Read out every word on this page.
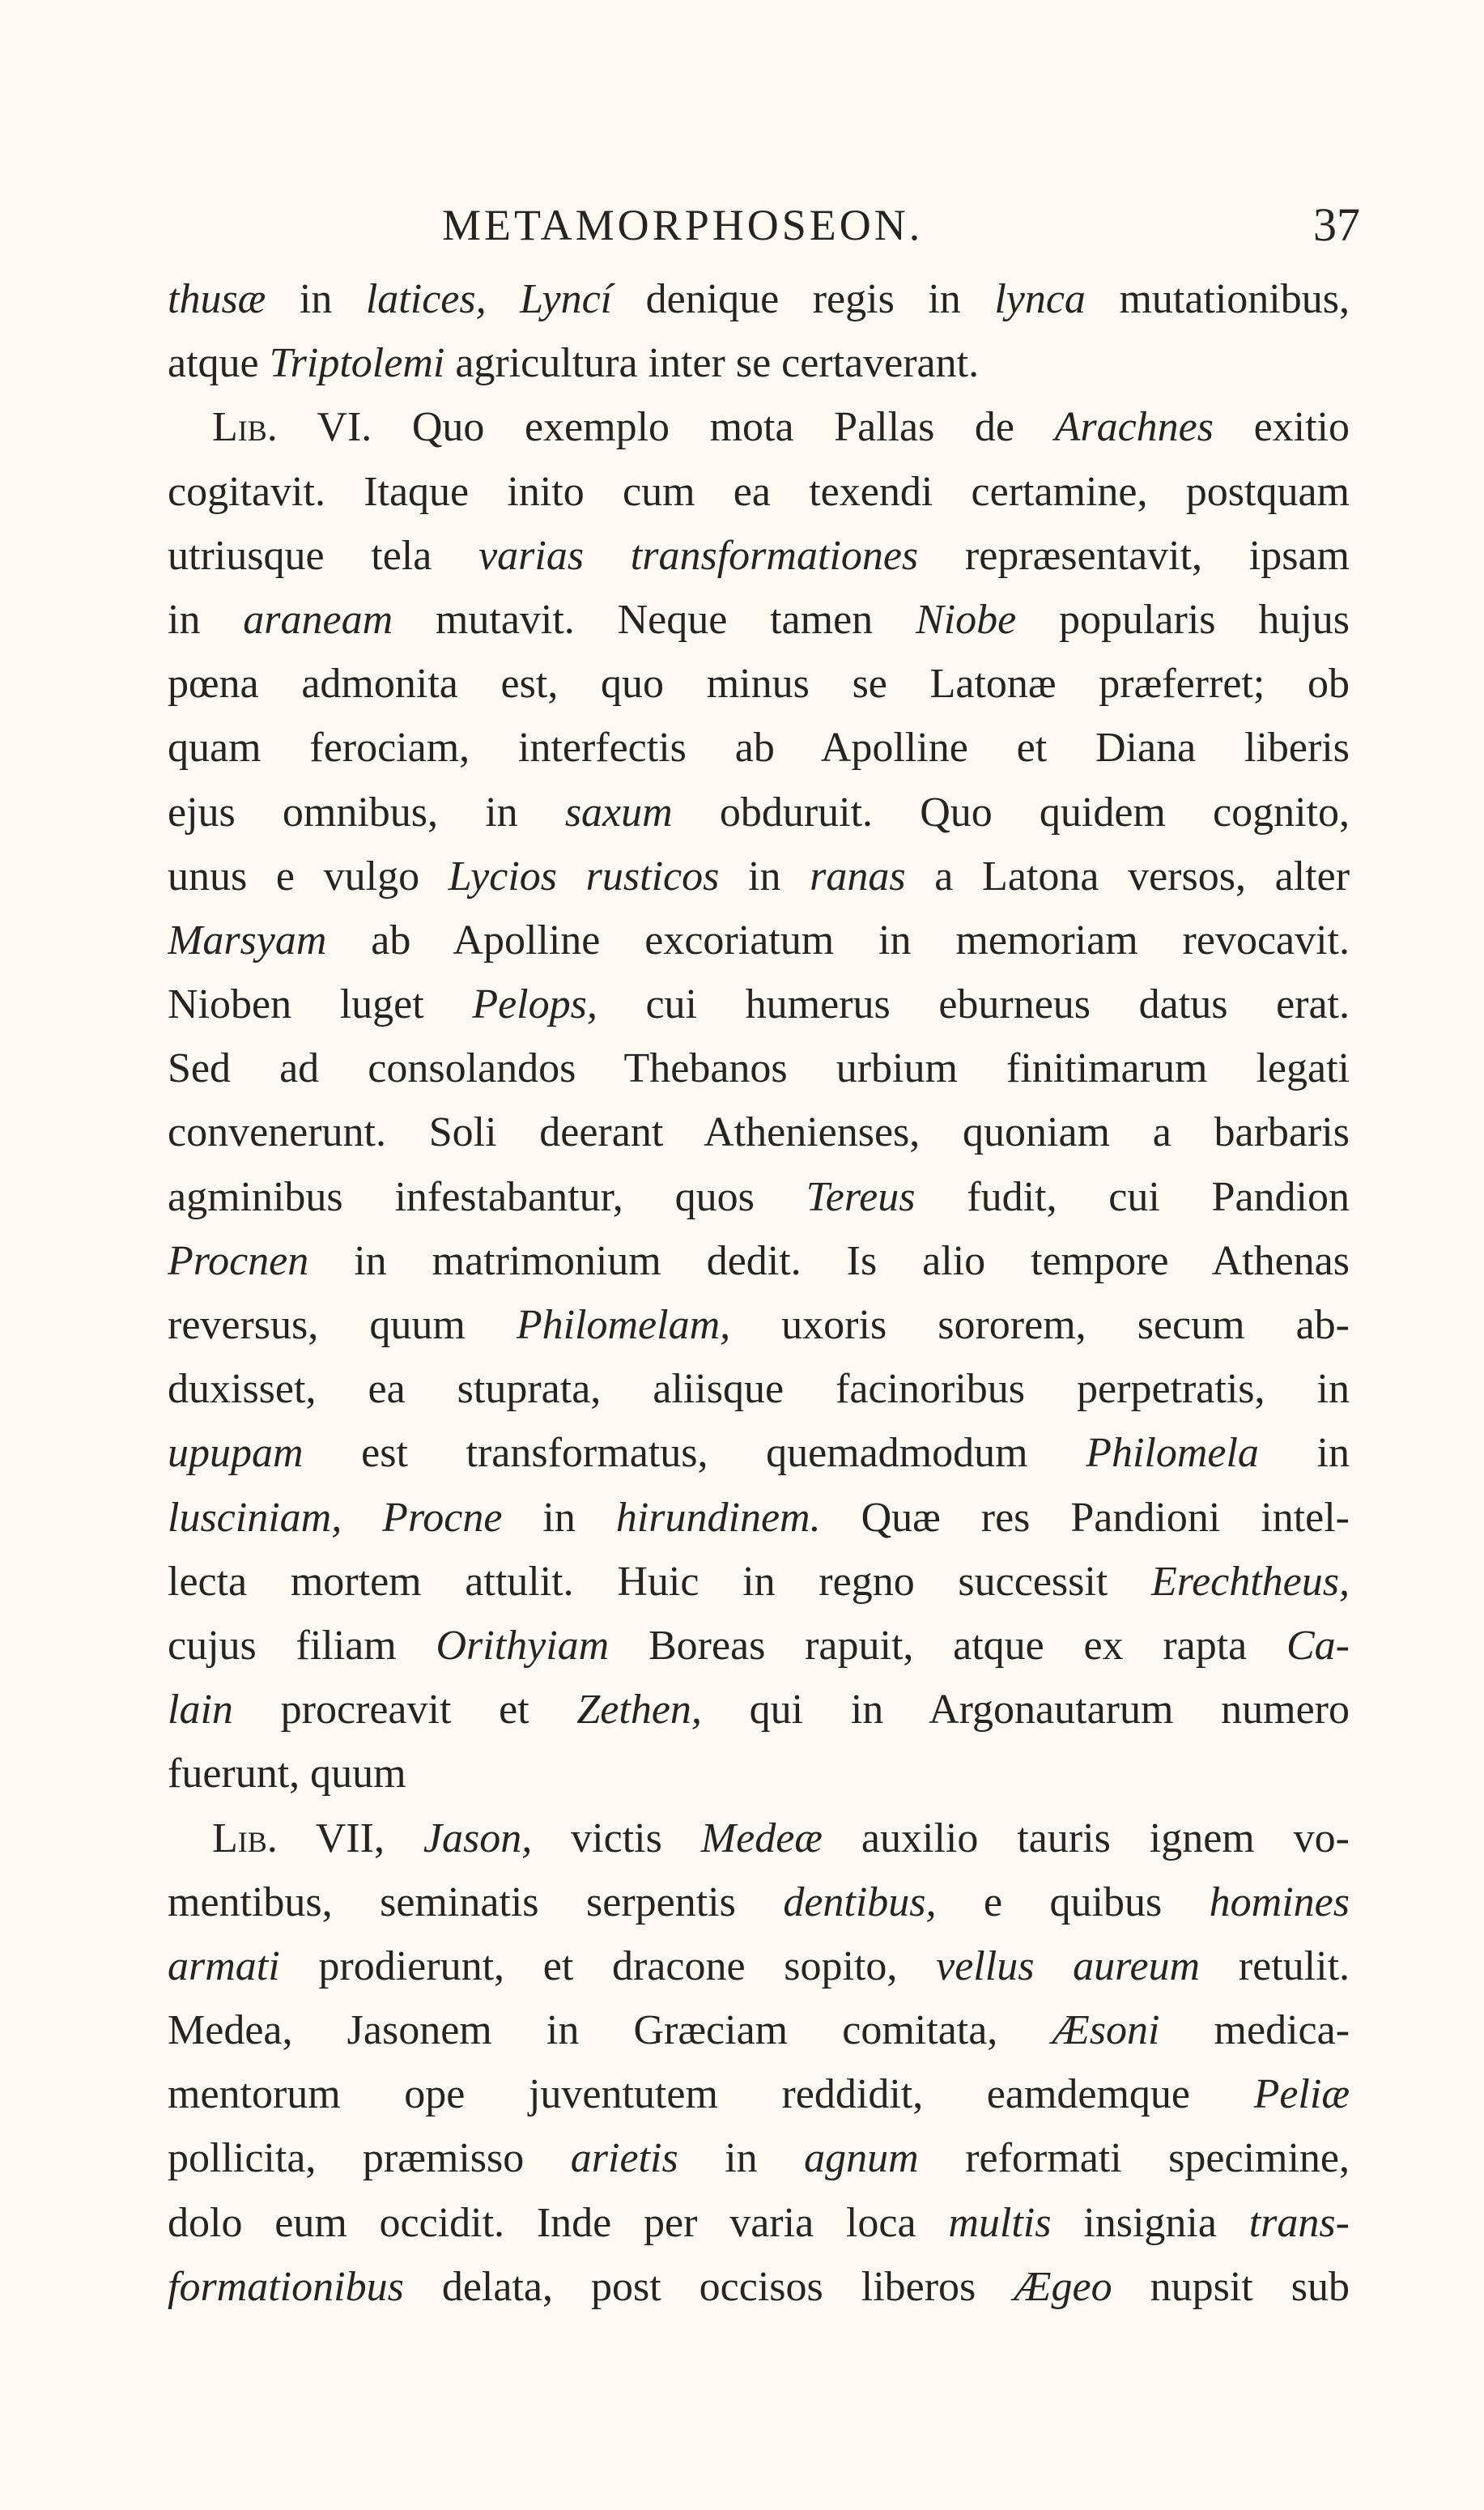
METAMORPHOSEON.	37
thusæ in latices, Lyncí denique regis in lynca mutationibus,
atque Triptolemi agricultura inter se certaverant.
Lib. VI. Quo exemplo mota Pallas de Arachnes exitio
cogitavit. Itaque inito cum ea texendi certamine, postquam
utriusque tela varias transformationes repræsentavit, ipsam
in araneam mutavit. Neque tamen Niobe popularis hujus
pœna admonita est, quo minus se Latonæ præferret; ob
quam ferociam, interfectis ab Apolline et Diana liberis
ejus omnibus, in saxum obduruit. Quo quidem cognito,
unus e vulgo Lycios rusticos in ranas a Latona versos, alter
Marsyam ab Apolline excoriatum in memoriam revocavit.
Nioben luget Pelops, cui humerus eburneus datus erat.
Sed ad consolandos Thebanos urbium finitimarum legati
convenerunt. Soli deerant Athenienses, quoniam a barbaris
agminibus infestabantur, quos Tereus fudit, cui Pandion
Procnen in matrimonium dedit. Is alio tempore Athenas
reversus, quum Philomelam, uxoris sororem, secum ab-
duxisset, ea stuprata, aliisque facinoribus perpetratis, in
upupam est transformatus, quemadmodum Philomela in
lusciniam, Procne in hirundinem. Quæ res Pandioni intel-
lecta mortem attulit. Huic in regno successit Erechtheus,
cujus filiam Orithyiam Boreas rapuit, atque ex rapta Ca-
lain procreavit et Zethen, qui in Argonautarum numero
fuerunt, quum
Lib. VII, Jason, victis Medeæ auxilio tauris ignem vo-
mentibus, seminatis serpentis dentibus, e quibus homines
armati prodierunt, et dracone sopito, vellus aureum retulit.
Medea, Jasonem in Græciam comitata, Æsoni medica-
mentorum ope juventutem reddidit, eamdemque Peliæ
pollicita, præmisso arietis in agnum reformati specimine,
dolo eum occidit. Inde per varia loca multis insignia trans-
formationibus delata, post occisos liberos Ægeo nupsit sub
